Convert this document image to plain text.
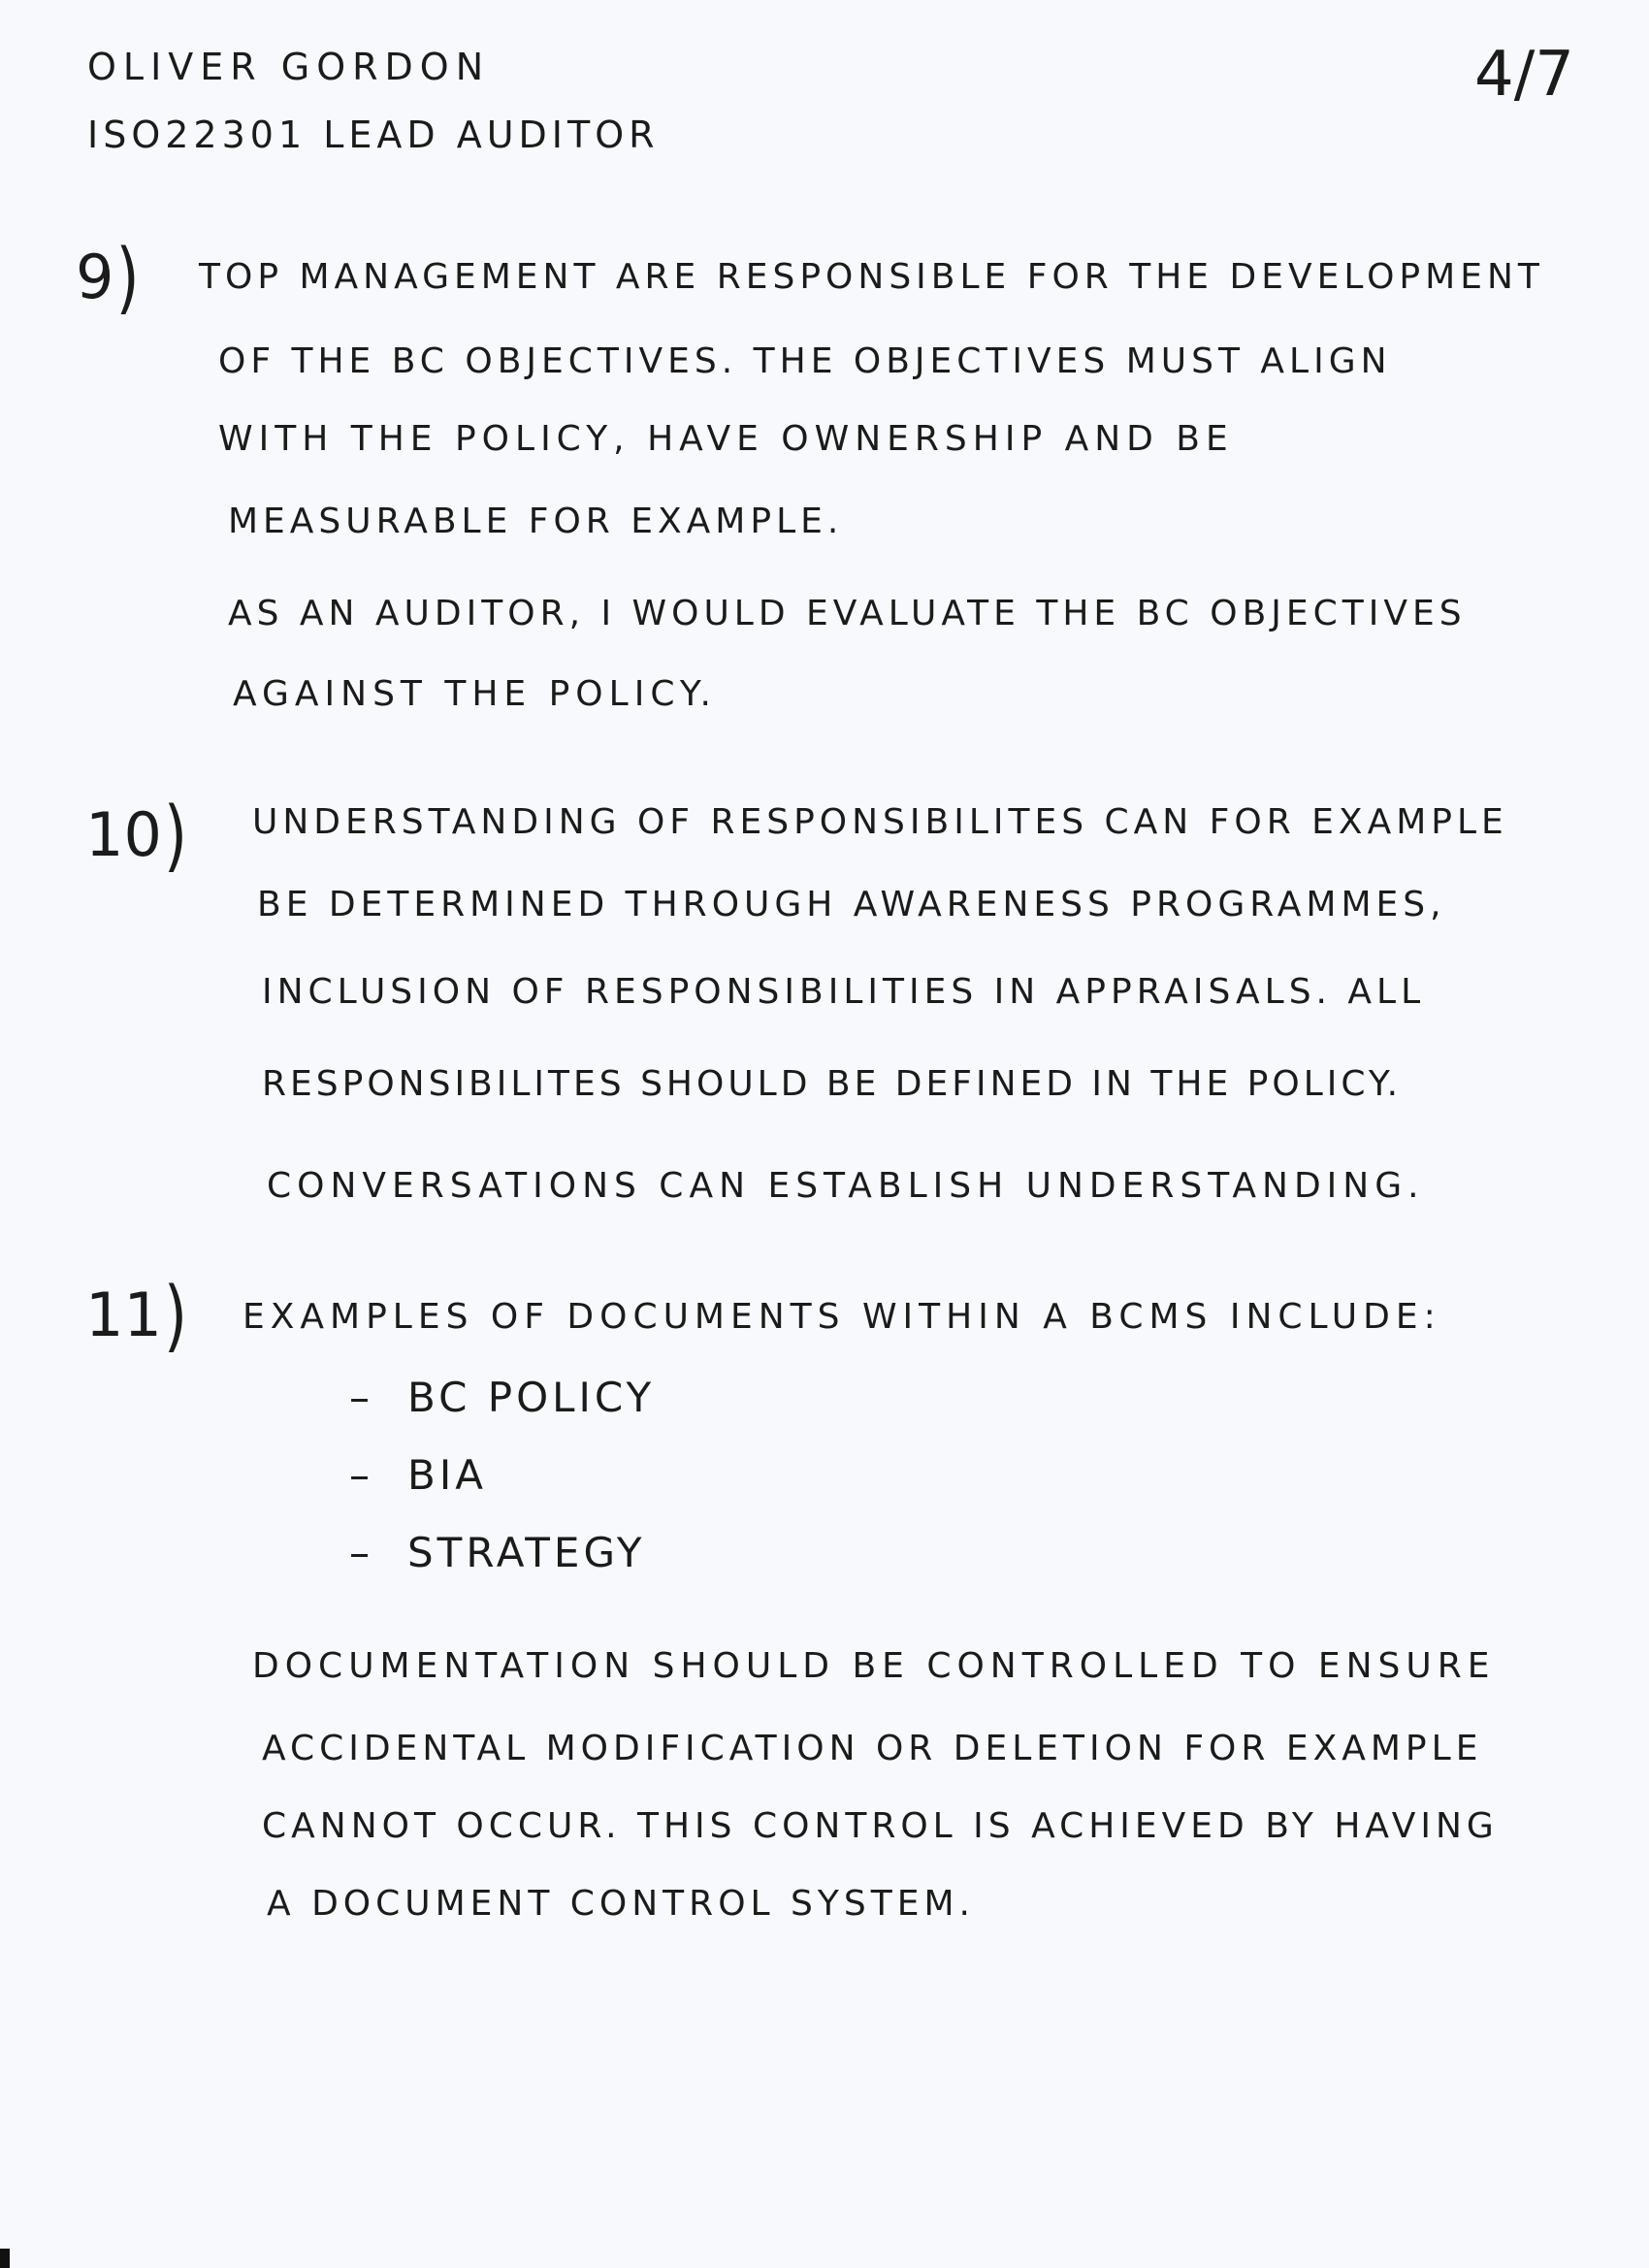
OLIVER GORDON

ISO22301 LEAD AUDITOR

4/7

9) TOP MANAGEMENT ARE RESPONSIBLE FOR THE DEVELOPMENT

OF THE BC OBJECTIVES. THE OBJECTIVES MUST ALIGN

WITH THE POLICY, HAVE OWNERSHIP AND BE

MEASURABLE FOR EXAMPLE.

AS AN AUDITOR, I WOULD EVALUATE THE BC OBJECTIVES

AGAINST THE POLICY.

10) UNDERSTANDING OF RESPONSIBILITES CAN FOR EXAMPLE

BE DETERMINED THROUGH AWARENESS PROGRAMMES,

INCLUSION OF RESPONSIBILITIES IN APPRAISALS. ALL

RESPONSIBILITES SHOULD BE DEFINED IN THE POLICY.

CONVERSATIONS CAN ESTABLISH UNDERSTANDING.

11) EXAMPLES OF DOCUMENTS WITHIN A BCMS INCLUDE:

– BC POLICY

– BIA

– STRATEGY

DOCUMENTATION SHOULD BE CONTROLLED TO ENSURE

ACCIDENTAL MODIFICATION OR DELETION FOR EXAMPLE

CANNOT OCCUR. THIS CONTROL IS ACHIEVED BY HAVING

A DOCUMENT CONTROL SYSTEM.
